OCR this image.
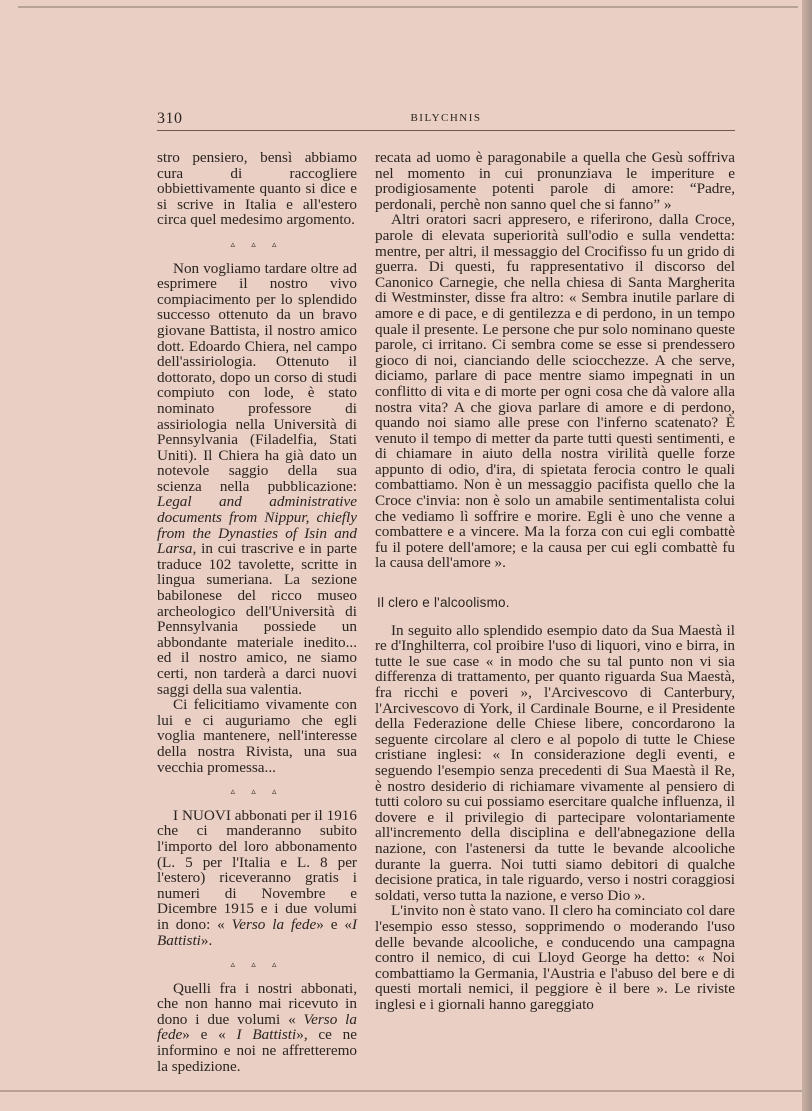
310	BILYCHNIS

stro pensiero, bensì abbiamo cura di raccogliere obbiettivamente quanto si dice e si scrive in Italia e all'estero circa quel medesimo argomento.

▵ ▵ ▵

Non vogliamo tardare oltre ad esprimere il nostro vivo compiacimento per lo splendido successo ottenuto da un bravo giovane Battista, il nostro amico dott. Edoardo Chiera, nel campo dell'assiriologia. Ottenuto il dottorato, dopo un corso di studi compiuto con lode, è stato nominato professore di assiriologia nella Università di Pennsylvania (Filadelfia, Stati Uniti). Il Chiera ha già dato un notevole saggio della sua scienza nella pubblicazione: Legal and administrative documents from Nippur, chiefly from the Dynasties of Isin and Larsa, in cui trascrive e in parte traduce 102 tavolette, scritte in lingua sumeriana. La sezione babilonese del ricco museo archeologico dell'Università di Pennsylvania possiede un abbondante materiale inedito... ed il nostro amico, ne siamo certi, non tarderà a darci nuovi saggi della sua valentia.

Ci felicitiamo vivamente con lui e ci auguriamo che egli voglia mantenere, nell'interesse della nostra Rivista, una sua vecchia promessa...

▵ ▵ ▵

I NUOVI abbonati per il 1916 che ci manderanno subito l'importo del loro abbonamento (L. 5 per l'Italia e L. 8 per l'estero) riceveranno gratis i numeri di Novembre e Dicembre 1915 e i due volumi in dono: « Verso la fede» e «I Battisti».

▵ ▵ ▵

Quelli fra i nostri abbonati, che non hanno mai ricevuto in dono i due volumi « Verso la fede» e « I Battisti», ce ne informino e noi ne affretteremo la spedizione.

recata ad uomo è paragonabile a quella che Gesù soffriva nel momento in cui pronunziava le imperiture e prodigiosamente potenti parole di amore: “Padre, perdonali, perchè non sanno quel che si fanno” »

Altri oratori sacri appresero, e riferirono, dalla Croce, parole di elevata superiorità sull'odio e sulla vendetta: mentre, per altri, il messaggio del Crocifisso fu un grido di guerra. Di questi, fu rappresentativo il discorso del Canonico Carnegie, che nella chiesa di Santa Margherita di Westminster, disse fra altro: « Sembra inutile parlare di amore e di pace, e di gentilezza e di perdono, in un tempo quale il presente. Le persone che pur solo nominano queste parole, ci irritano. Ci sembra come se esse si prendessero gioco di noi, cianciando delle sciocchezze. A che serve, diciamo, parlare di pace mentre siamo impegnati in un conflitto di vita e di morte per ogni cosa che dà valore alla nostra vita? A che giova parlare di amore e di perdono, quando noi siamo alle prese con l'inferno scatenato? È venuto il tempo di metter da parte tutti questi sentimenti, e di chiamare in aiuto della nostra virilità quelle forze appunto di odio, d'ira, di spietata ferocia contro le quali combattiamo. Non è un messaggio pacifista quello che la Croce c'invia: non è solo un amabile sentimentalista colui che vediamo lì soffrire e morire. Egli è uno che venne a combattere e a vincere. Ma la forza con cui egli combattè fu il potere dell'amore; e la causa per cui egli combattè fu la causa dell'amore ».

Il clero e l'alcoolismo.

In seguito allo splendido esempio dato da Sua Maestà il re d'Inghilterra, col proibire l'uso di liquori, vino e birra, in tutte le sue case « in modo che su tal punto non vi sia differenza di trattamento, per quanto riguarda Sua Maestà, fra ricchi e poveri », l'Arcivescovo di Canterbury, l'Arcivescovo di York, il Cardinale Bourne, e il Presidente della Federazione delle Chiese libere, concordarono la seguente circolare al clero e al popolo di tutte le Chiese cristiane inglesi: « In considerazione degli eventi, e seguendo l'esempio senza precedenti di Sua Maestà il Re, è nostro desiderio di richiamare vivamente al pensiero di tutti coloro su cui possiamo esercitare qualche influenza, il dovere e il privilegio di partecipare volontariamente all'incremento della disciplina e dell'abnegazione della nazione, con l'astenersi da tutte le bevande alcooliche durante la guerra. Noi tutti siamo debitori di qualche decisione pratica, in tale riguardo, verso i nostri coraggiosi soldati, verso tutta la nazione, e verso Dio ».

L'invito non è stato vano. Il clero ha cominciato col dare l'esempio esso stesso, sopprimendo o moderando l'uso delle bevande alcooliche, e conducendo una campagna contro il nemico, di cui Lloyd George ha detto: « Noi combattiamo la Germania, l'Austria e l'abuso del bere e di questi mortali nemici, il peggiore è il bere ». Le riviste inglesi e i giornali hanno gareggiato
